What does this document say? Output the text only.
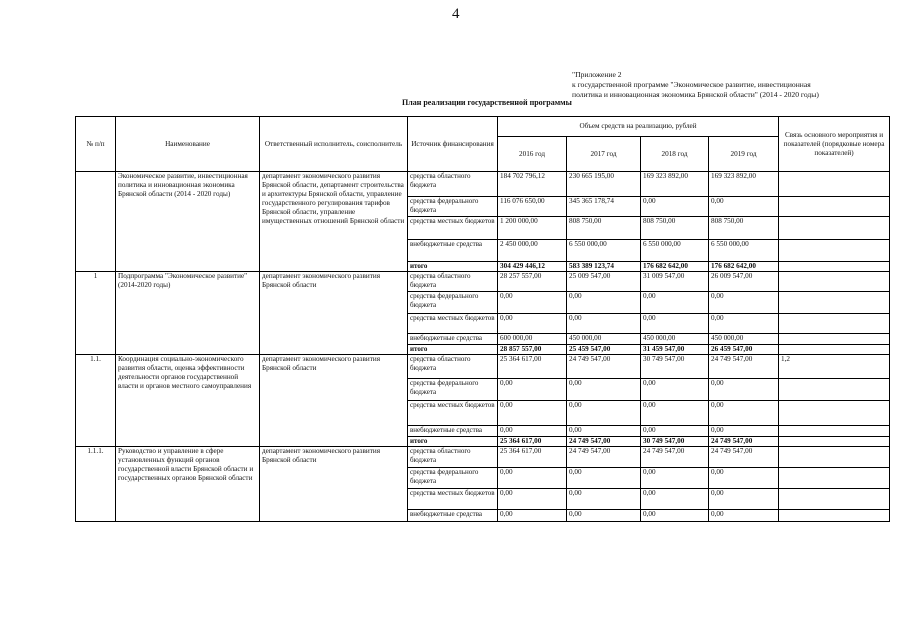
4
"Приложение 2
к государственной программе "Экономическое развитие, инвестиционная
политика и инновационная экономика Брянской области" (2014 - 2020 годы)
План реализации государственной программы
№ п/п	Наименование	Ответственный исполнитель, соисполнитель	Источник финансирования	Объем средств на реализацию, рублей				Связь основного мероприятия и показателей (порядковые номера показателей)
				2016 год	2017 год	2018 год	2019 год	
	Экономическое развитие, инвестиционная политика и инновационная экономика Брянской области (2014 - 2020 годы)	департамент экономического развития Брянской области, департамент строительства и архитектуры Брянской области, управление государственного регулирования тарифов Брянской области, управление имущественных отношений Брянской области	средства областного бюджета	184 702 796,12	230 665 195,00	169 323 892,00	169 323 892,00	
			средства федерального бюджета	116 076 650,00	345 365 178,74	0,00	0,00	
			средства местных бюджетов	1 200 000,00	808 750,00	808 750,00	808 750,00	
			внебюджетные средства	2 450 000,00	6 550 000,00	6 550 000,00	6 550 000,00	
			итого	304 429 446,12	583 389 123,74	176 682 642,00	176 682 642,00	
1	Подпрограмма "Экономическое развитие" (2014-2020 годы)	департамент экономического развития Брянской области	средства областного бюджета	28 257 557,00	25 009 547,00	31 009 547,00	26 009 547,00	
			средства федерального бюджета	0,00	0,00	0,00	0,00	
			средства местных бюджетов	0,00	0,00	0,00	0,00	
			внебюджетные средства	600 000,00	450 000,00	450 000,00	450 000,00	
			итого	28 857 557,00	25 459 547,00	31 459 547,00	26 459 547,00	
1.1.	Координация социально-экономического развития области, оценка эффективности деятельности органов государственной власти и органов местного самоуправления	департамент экономического развития Брянской области	средства областного бюджета	25 364 617,00	24 749 547,00	30 749 547,00	24 749 547,00	1,2
			средства федерального бюджета	0,00	0,00	0,00	0,00	
			средства местных бюджетов	0,00	0,00	0,00	0,00	
			внебюджетные средства	0,00	0,00	0,00	0,00	
			итого	25 364 617,00	24 749 547,00	30 749 547,00	24 749 547,00	
1.1.1.	Руководство и управление в сфере установленных функций органов государственной власти Брянской области и государственных органов Брянской области	департамент экономического развития Брянской области	средства областного бюджета	25 364 617,00	24 749 547,00	24 749 547,00	24 749 547,00	
			средства федерального бюджета	0,00	0,00	0,00	0,00	
			средства местных бюджетов	0,00	0,00	0,00	0,00	
			внебюджетные средства	0,00	0,00	0,00	0,00	
